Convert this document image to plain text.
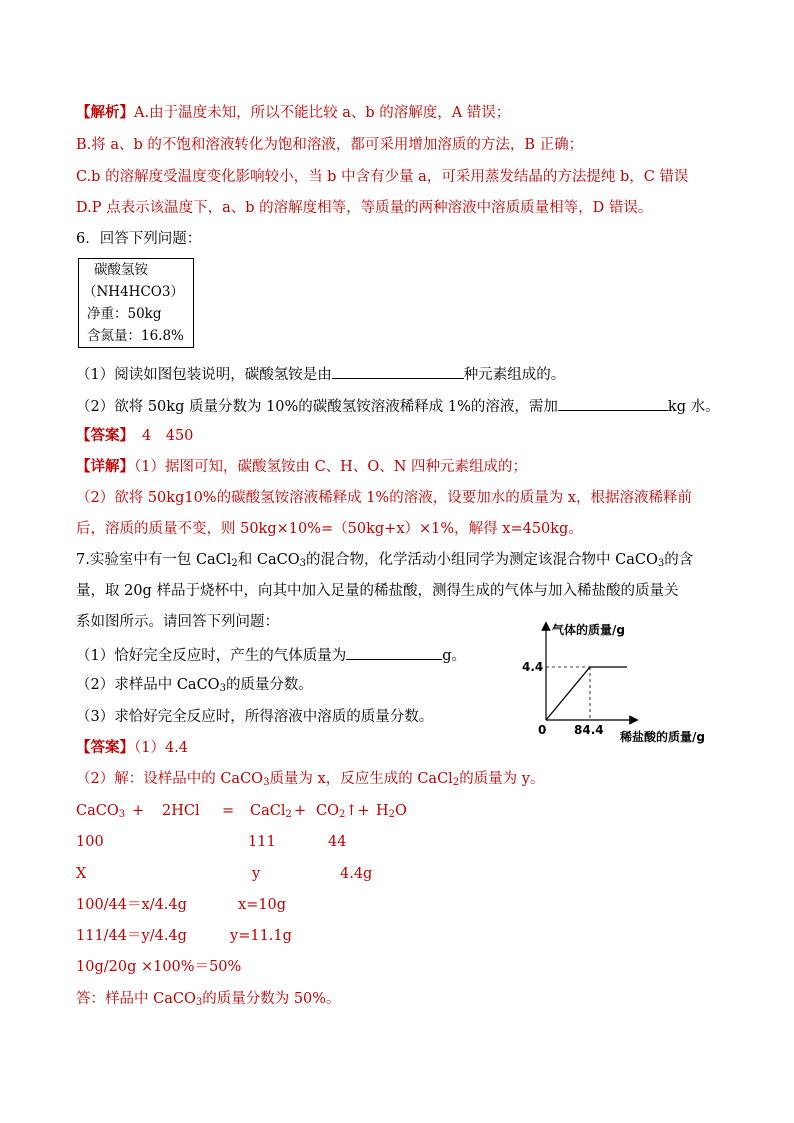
【解析】A.由于温度未知，所以不能比较 a、b 的溶解度，A 错误；
B.将 a、b 的不饱和溶液转化为饱和溶液，都可采用增加溶质的方法，B 正确；
C.b 的溶解度受温度变化影响较小，当 b 中含有少量 a，可采用蒸发结晶的方法提纯 b，C 错误
D.P 点表示该温度下，a、b 的溶解度相等，等质量的两种溶液中溶质质量相等，D 错误。
6．回答下列问题：
碳酸氢铵
（NH4HCO3）
净重：50kg
含氮量：16.8%
（1）阅读如图包装说明，碳酸氢铵是由	种元素组成的。
（2）欲将 50kg 质量分数为 10%的碳酸氢铵溶液稀释成 1%的溶液，需加	kg 水。
【答案】 4　450
【详解】（1）据图可知，碳酸氢铵由 C、H、O、N 四种元素组成的；
（2）欲将 50kg10%的碳酸氢铵溶液稀释成 1%的溶液，设要加水的质量为 x，根据溶液稀释前
后，溶质的质量不变，则 50kg×10%=（50kg+x）×1%，解得 x=450kg。
7.实验室中有一包 CaCl$_2$和 CaCO$_3$的混合物，化学活动小组同学为测定该混合物中 CaCO$_3$的含
量，取 20g 样品于烧杯中，向其中加入足量的稀盐酸，测得生成的气体与加入稀盐酸的质量关
系如图所示。请回答下列问题：
（1）恰好完全反应时，产生的气体质量为	g。
（2）求样品中 CaCO$_3$的质量分数。
（3）求恰好完全反应时，所得溶液中溶质的质量分数。
气体的质量/g
稀盐酸的质量/g
0 84.4
4.4
【答案】（1）4.4
（2）解：设样品中的 CaCO$_3$质量为 x，反应生成的 CaCl$_2$的质量为 y。
CaCO$_3$ + 2HCl = CaCl$_2$ + $CO_2↑+ H_2O$
100	111	44
X	y	4.4g
100/44＝x/4.4g	x=10g
111/44＝y/4.4g	y=11.1g
10g/20g ×100%＝50%
答：样品中 CaCO$_3$的质量分数为 50%。
